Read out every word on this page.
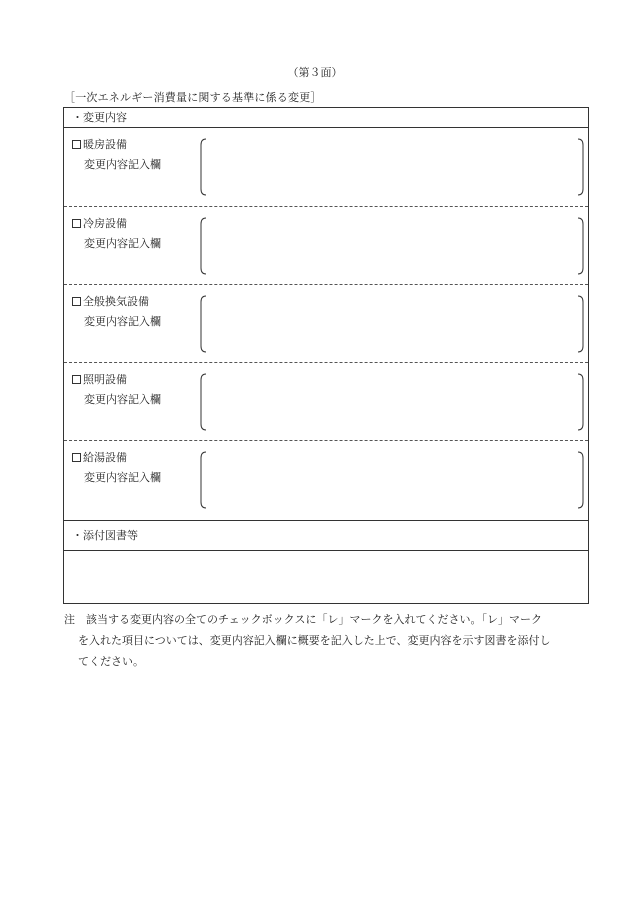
（第３面）
［一次エネルギー消費量に関する基準に係る変更］
・変更内容
暖房設備
変更内容記入欄
冷房設備
変更内容記入欄
全般換気設備
変更内容記入欄
照明設備
変更内容記入欄
給湯設備
変更内容記入欄
・添付図書等
注　 該当する変更内容の全てのチェックボックスに「レ」マークを入れてください。「レ」マーク
を入れた項目については、変更内容記入欄に概要を記入した上で、変更内容を示す図書を添付し
てください。
